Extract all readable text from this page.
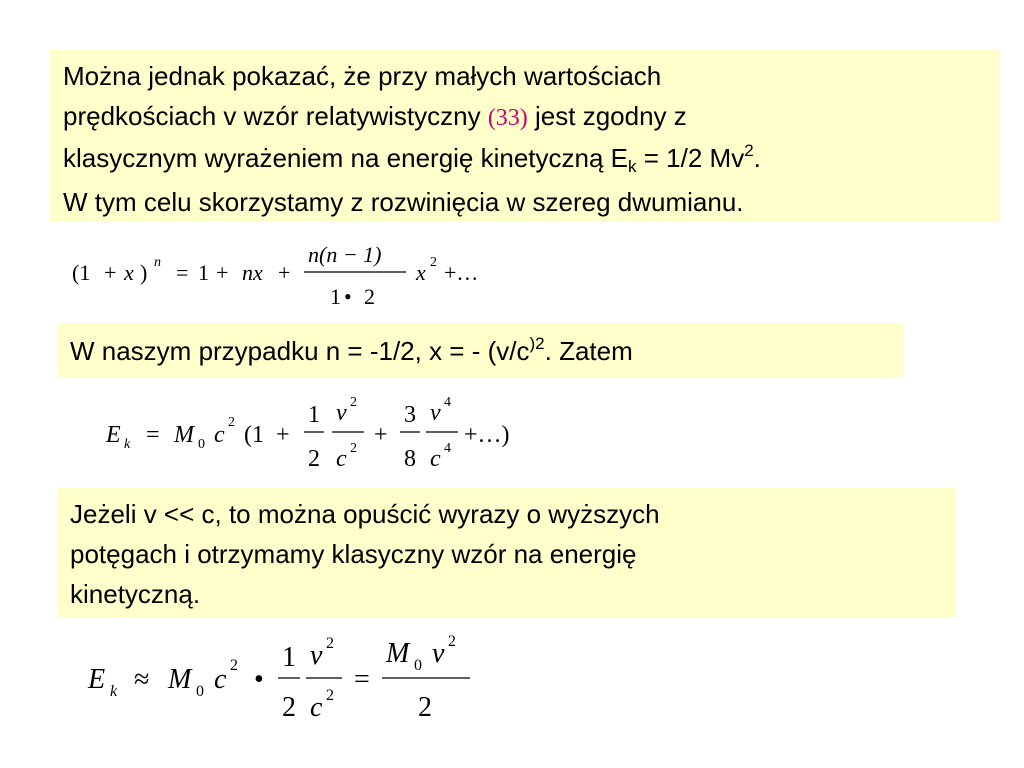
Można jednak pokazać, że przy małych wartościach
prędkościach v wzór relatywistyczny (33) jest zgodny z
klasycznym wyrażeniem na energię kinetyczną Ek = 1/2 Mv$^2$.
W tym celu skorzystamy z rozwinięcia w szereg dwumianu.
(1 + x ) n = 1 + nx +
n(n − 1)
1 • 2
x 2 +…
W naszym przypadku n = -1/2, x = - ($v/c^{)2}$. Zatem
E k = M 0 c 2 (1 +
1
2
v 2
c 2
+
3
8
v 4
c 4
+…)
Jeżeli v << c, to można opuścić wyrazy o wyższych
potęgach i otrzymamy klasyczny wzór na energię
kinetyczną.
E k ≈ M 0 c 2 •
1
2
v 2
c 2
=
M 0 v 2
2
